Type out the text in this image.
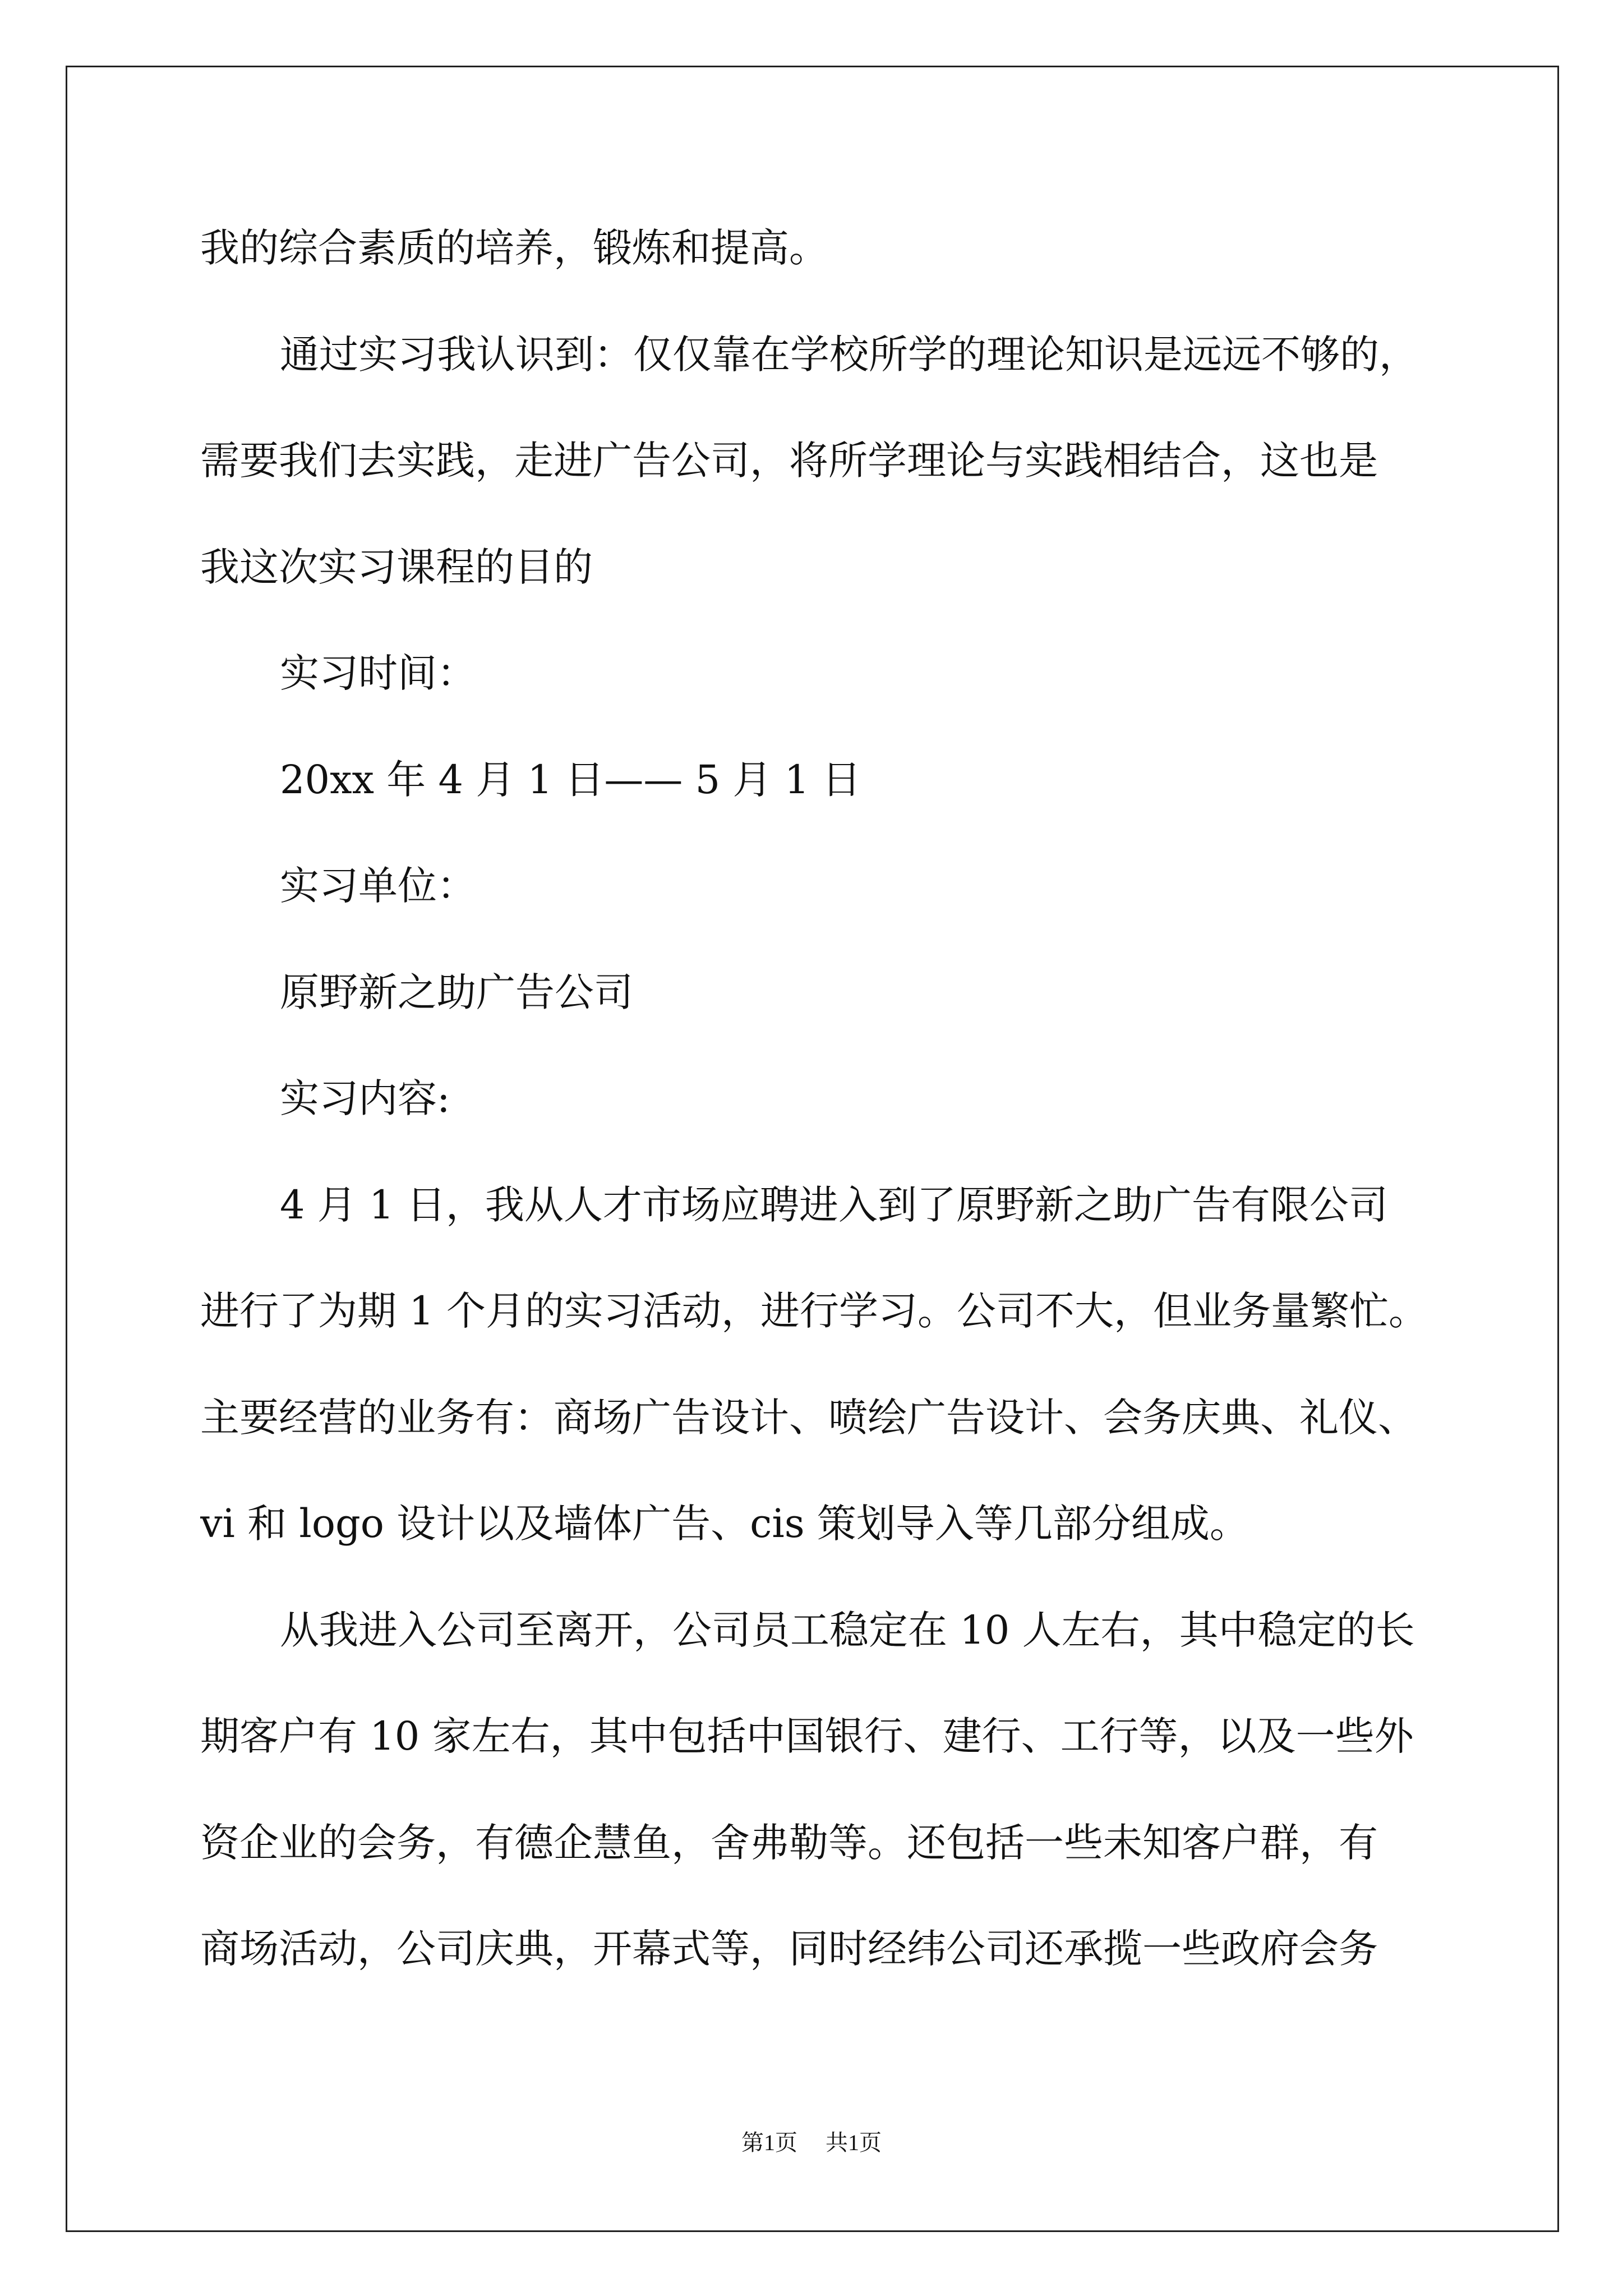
我的综合素质的培养，锻炼和提高。
通过实习我认识到：仅仅靠在学校所学的理论知识是远远不够的，
需要我们去实践，走进广告公司，将所学理论与实践相结合，这也是
我这次实习课程的目的
实习时间：
20xx 年 4 月 1 日—— 5 月 1 日
实习单位：
原野新之助广告公司
实习内容:
4 月 1 日，我从人才市场应聘进入到了原野新之助广告有限公司
进行了为期 1 个月的实习活动，进行学习。公司不大，但业务量繁忙。
主要经营的业务有：商场广告设计、喷绘广告设计、会务庆典、礼仪、
vi 和 logo 设计以及墙体广告、cis 策划导入等几部分组成。
从我进入公司至离开，公司员工稳定在 10 人左右，其中稳定的长
期客户有 10 家左右，其中包括中国银行、建行、工行等，以及一些外
资企业的会务，有德企慧鱼，舍弗勒等。还包括一些未知客户群，有
商场活动，公司庆典，开幕式等，同时经纬公司还承揽一些政府会务
第1页 共1页
